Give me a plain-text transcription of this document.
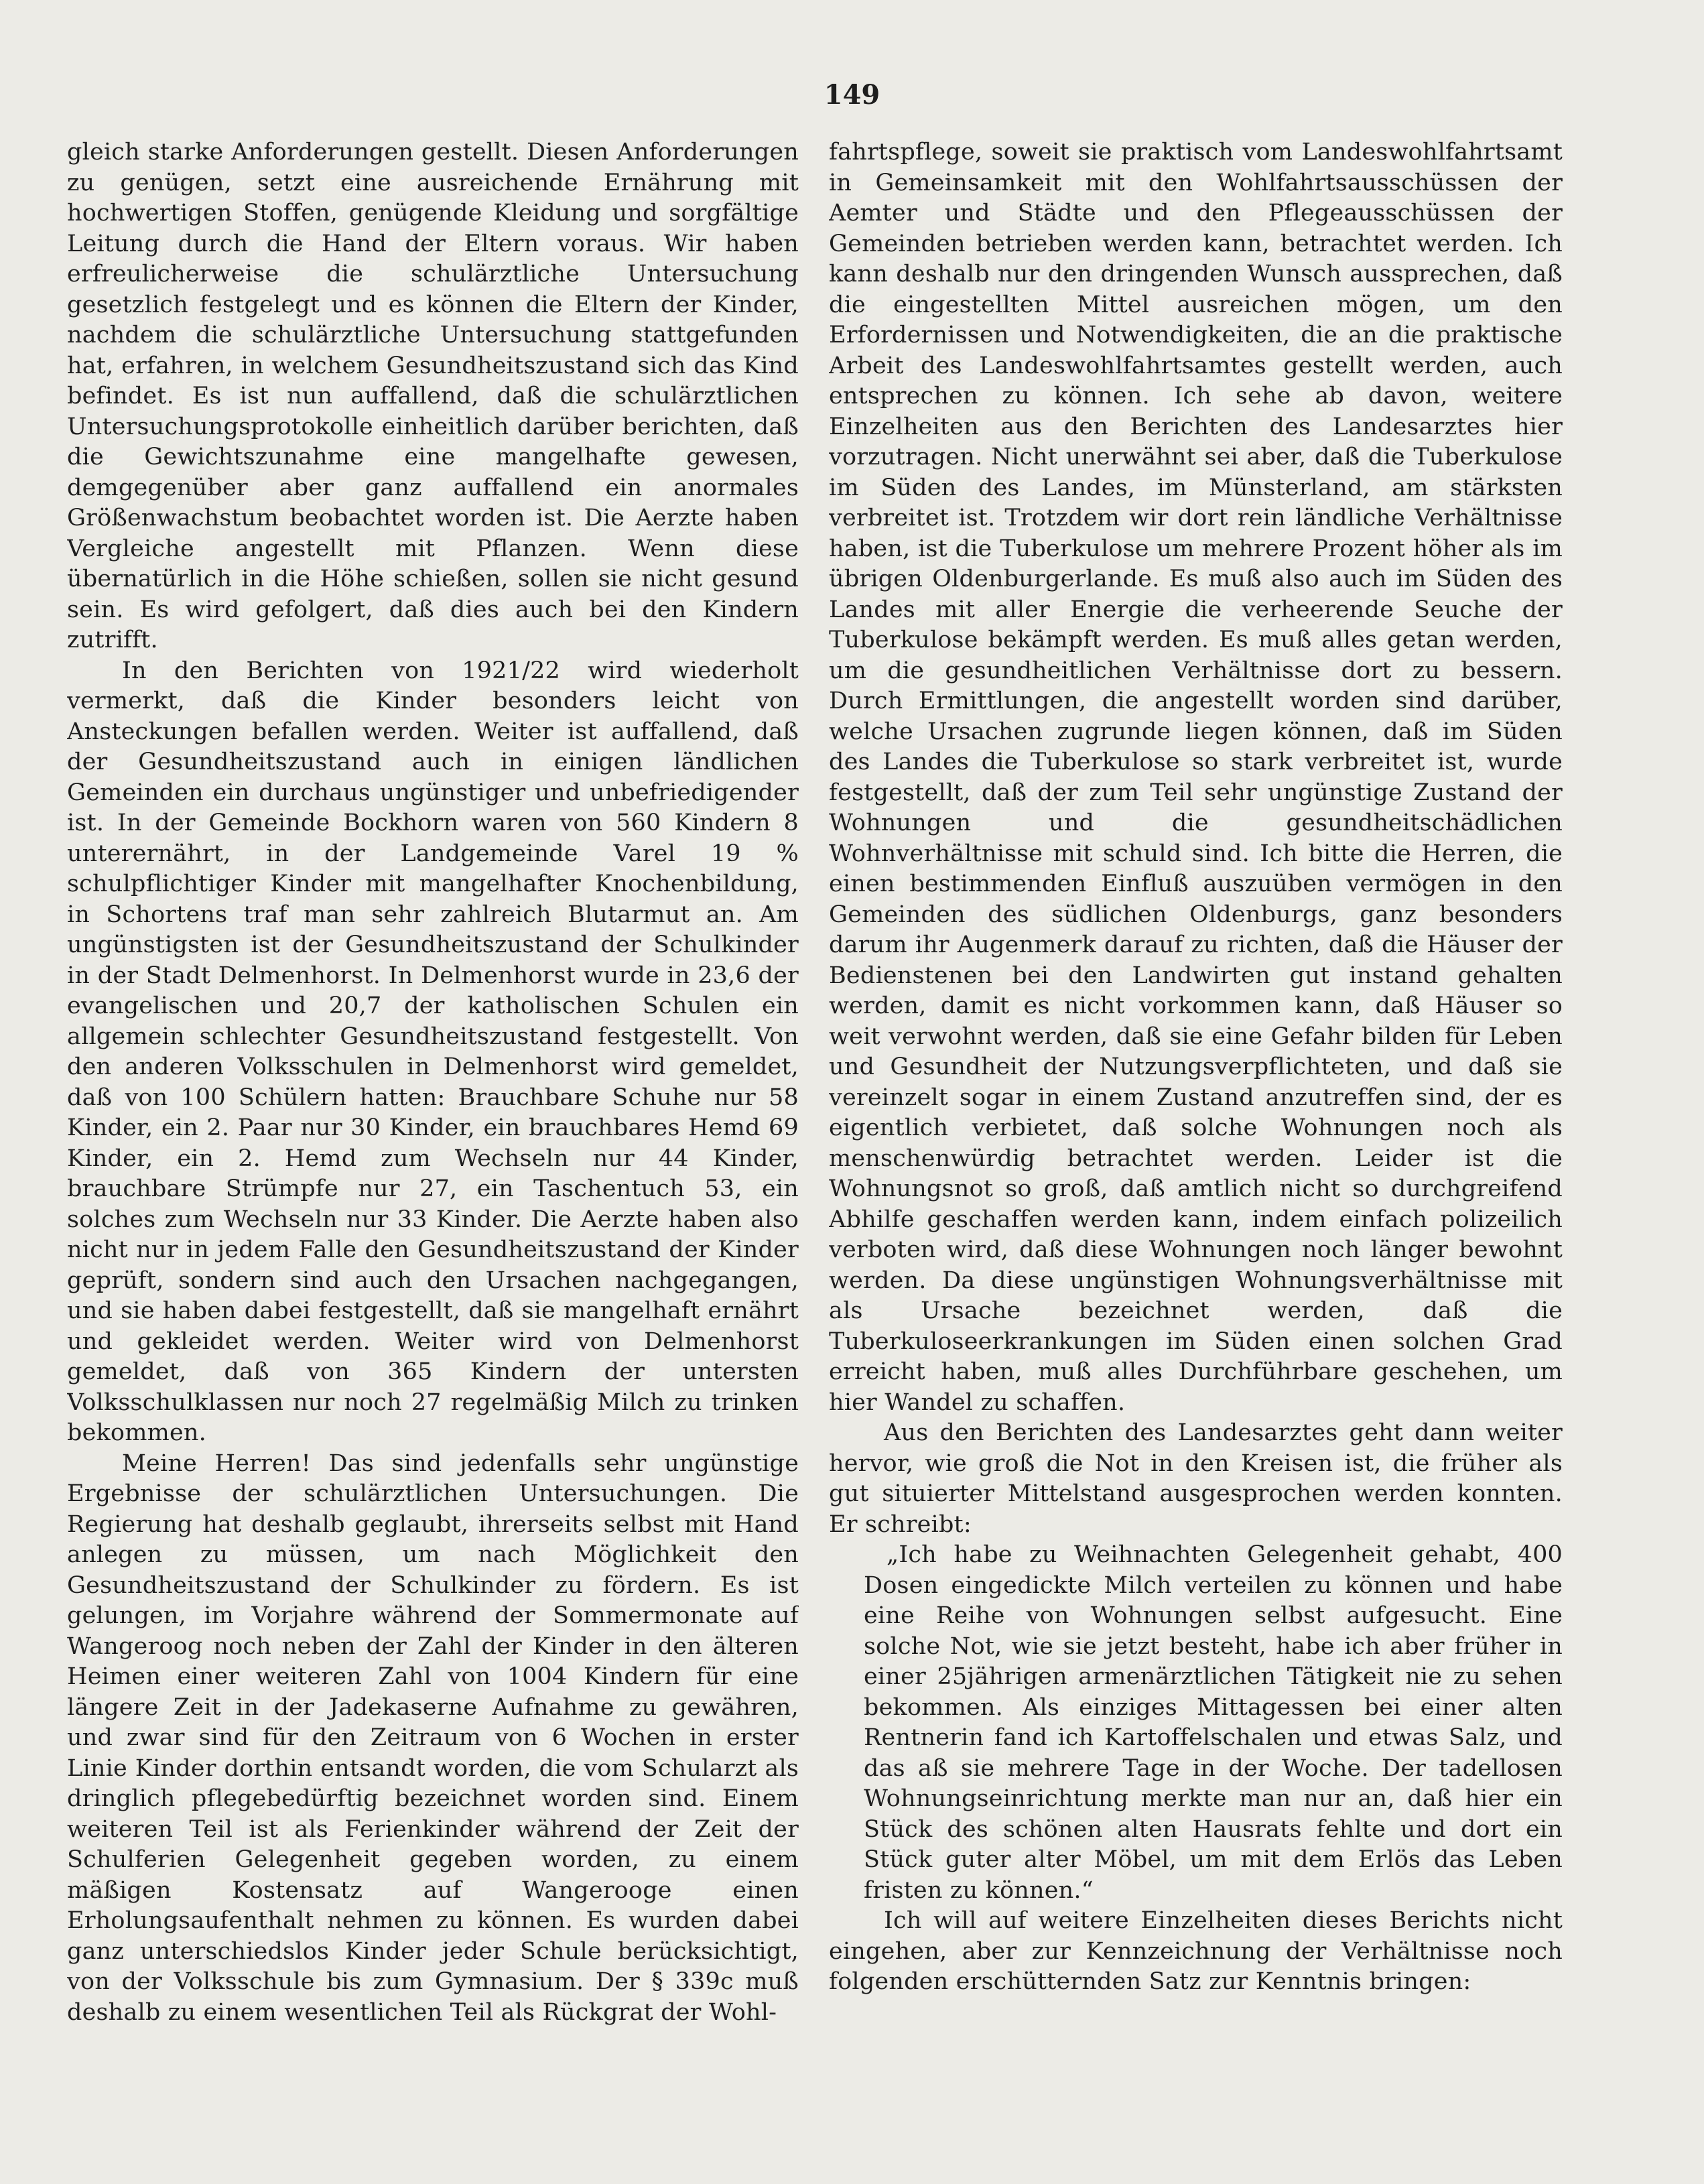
149

gleich starke Anforderungen gestellt. Diesen Anforderungen zu genügen, setzt eine ausreichende Ernährung mit hochwertigen Stoffen, genügende Kleidung und sorgfältige Leitung durch die Hand der Eltern voraus. Wir haben erfreulicherweise die schulärztliche Untersuchung gesetzlich festgelegt und es können die Eltern der Kinder, nachdem die schulärztliche Untersuchung stattgefunden hat, erfahren, in welchem Gesundheitszustand sich das Kind befindet. Es ist nun auffallend, daß die schulärztlichen Untersuchungsprotokolle einheitlich darüber berichten, daß die Gewichtszunahme eine mangelhafte gewesen, demgegenüber aber ganz auffallend ein anormales Größenwachstum beobachtet worden ist. Die Aerzte haben Vergleiche angestellt mit Pflanzen. Wenn diese übernatürlich in die Höhe schießen, sollen sie nicht gesund sein. Es wird gefolgert, daß dies auch bei den Kindern zutrifft.

In den Berichten von 1921/22 wird wiederholt vermerkt, daß die Kinder besonders leicht von Ansteckungen befallen werden. Weiter ist auffallend, daß der Gesundheitszustand auch in einigen ländlichen Gemeinden ein durchaus ungünstiger und unbefriedigender ist. In der Gemeinde Bockhorn waren von 560 Kindern 8 unterernährt, in der Landgemeinde Varel 19 % schulpflichtiger Kinder mit mangelhafter Knochenbildung, in Schortens traf man sehr zahlreich Blutarmut an. Am ungünstigsten ist der Gesundheitszustand der Schulkinder in der Stadt Delmenhorst. In Delmenhorst wurde in 23,6 der evangelischen und 20,7 der katholischen Schulen ein allgemein schlechter Gesundheitszustand festgestellt. Von den anderen Volksschulen in Delmenhorst wird gemeldet, daß von 100 Schülern hatten: Brauchbare Schuhe nur 58 Kinder, ein 2. Paar nur 30 Kinder, ein brauchbares Hemd 69 Kinder, ein 2. Hemd zum Wechseln nur 44 Kinder, brauchbare Strümpfe nur 27, ein Taschentuch 53, ein solches zum Wechseln nur 33 Kinder. Die Aerzte haben also nicht nur in jedem Falle den Gesundheitszustand der Kinder geprüft, sondern sind auch den Ursachen nachgegangen, und sie haben dabei festgestellt, daß sie mangelhaft ernährt und gekleidet werden. Weiter wird von Delmenhorst gemeldet, daß von 365 Kindern der untersten Volksschulklassen nur noch 27 regelmäßig Milch zu trinken bekommen.

Meine Herren! Das sind jedenfalls sehr ungünstige Ergebnisse der schulärztlichen Untersuchungen. Die Regierung hat deshalb geglaubt, ihrerseits selbst mit Hand anlegen zu müssen, um nach Möglichkeit den Gesundheitszustand der Schulkinder zu fördern. Es ist gelungen, im Vorjahre während der Sommermonate auf Wangeroog noch neben der Zahl der Kinder in den älteren Heimen einer weiteren Zahl von 1004 Kindern für eine längere Zeit in der Jadekaserne Aufnahme zu gewähren, und zwar sind für den Zeitraum von 6 Wochen in erster Linie Kinder dorthin entsandt worden, die vom Schularzt als dringlich pflegebedürftig bezeichnet worden sind. Einem weiteren Teil ist als Ferienkinder während der Zeit der Schulferien Gelegenheit gegeben worden, zu einem mäßigen Kostensatz auf Wangerooge einen Erholungsaufenthalt nehmen zu können. Es wurden dabei ganz unterschiedslos Kinder jeder Schule berücksichtigt, von der Volksschule bis zum Gymnasium. Der § 339c muß deshalb zu einem wesentlichen Teil als Rückgrat der Wohl-

fahrtspflege, soweit sie praktisch vom Landeswohlfahrtsamt in Gemeinsamkeit mit den Wohlfahrtsausschüssen der Aemter und Städte und den Pflegeausschüssen der Gemeinden betrieben werden kann, betrachtet werden. Ich kann deshalb nur den dringenden Wunsch aussprechen, daß die eingestellten Mittel ausreichen mögen, um den Erfordernissen und Notwendigkeiten, die an die praktische Arbeit des Landeswohlfahrtsamtes gestellt werden, auch entsprechen zu können. Ich sehe ab davon, weitere Einzelheiten aus den Berichten des Landesarztes hier vorzutragen. Nicht unerwähnt sei aber, daß die Tuberkulose im Süden des Landes, im Münsterland, am stärksten verbreitet ist. Trotzdem wir dort rein ländliche Verhältnisse haben, ist die Tuberkulose um mehrere Prozent höher als im übrigen Oldenburgerlande. Es muß also auch im Süden des Landes mit aller Energie die verheerende Seuche der Tuberkulose bekämpft werden. Es muß alles getan werden, um die gesundheitlichen Verhältnisse dort zu bessern. Durch Ermittlungen, die angestellt worden sind darüber, welche Ursachen zugrunde liegen können, daß im Süden des Landes die Tuberkulose so stark verbreitet ist, wurde festgestellt, daß der zum Teil sehr ungünstige Zustand der Wohnungen und die gesundheitschädlichen Wohnverhältnisse mit schuld sind. Ich bitte die Herren, die einen bestimmenden Einfluß auszuüben vermögen in den Gemeinden des südlichen Oldenburgs, ganz besonders darum ihr Augenmerk darauf zu richten, daß die Häuser der Bedienstenen bei den Landwirten gut instand gehalten werden, damit es nicht vorkommen kann, daß Häuser so weit verwohnt werden, daß sie eine Gefahr bilden für Leben und Gesundheit der Nutzungsverpflichteten, und daß sie vereinzelt sogar in einem Zustand anzutreffen sind, der es eigentlich verbietet, daß solche Wohnungen noch als menschenwürdig betrachtet werden. Leider ist die Wohnungsnot so groß, daß amtlich nicht so durchgreifend Abhilfe geschaffen werden kann, indem einfach polizeilich verboten wird, daß diese Wohnungen noch länger bewohnt werden. Da diese ungünstigen Wohnungsverhältnisse mit als Ursache bezeichnet werden, daß die Tuberkuloseerkrankungen im Süden einen solchen Grad erreicht haben, muß alles Durchführbare geschehen, um hier Wandel zu schaffen.

Aus den Berichten des Landesarztes geht dann weiter hervor, wie groß die Not in den Kreisen ist, die früher als gut situierter Mittelstand ausgesprochen werden konnten. Er schreibt:

„Ich habe zu Weihnachten Gelegenheit gehabt, 400 Dosen eingedickte Milch verteilen zu können und habe eine Reihe von Wohnungen selbst aufgesucht. Eine solche Not, wie sie jetzt besteht, habe ich aber früher in einer 25jährigen armenärztlichen Tätigkeit nie zu sehen bekommen. Als einziges Mittagessen bei einer alten Rentnerin fand ich Kartoffelschalen und etwas Salz, und das aß sie mehrere Tage in der Woche. Der tadellosen Wohnungseinrichtung merkte man nur an, daß hier ein Stück des schönen alten Hausrats fehlte und dort ein Stück guter alter Möbel, um mit dem Erlös das Leben fristen zu können.“

Ich will auf weitere Einzelheiten dieses Berichts nicht eingehen, aber zur Kennzeichnung der Verhältnisse noch folgenden erschütternden Satz zur Kenntnis bringen:
